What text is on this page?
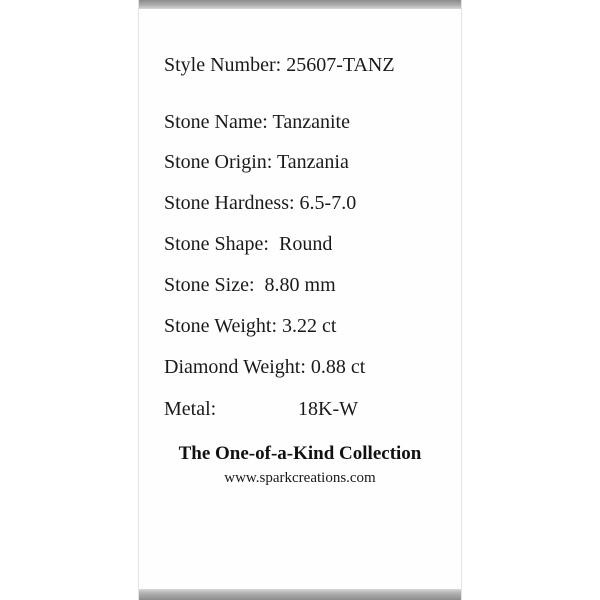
Style Number: 25607-TANZ
Stone Name: Tanzanite
Stone Origin: Tanzania
Stone Hardness: 6.5-7.0
Stone Shape:  Round
Stone Size:  8.80 mm
Stone Weight: 3.22 ct
Diamond Weight: 0.88 ct
Metal:	18K-W
The One-of-a-Kind Collection
www.sparkcreations.com
